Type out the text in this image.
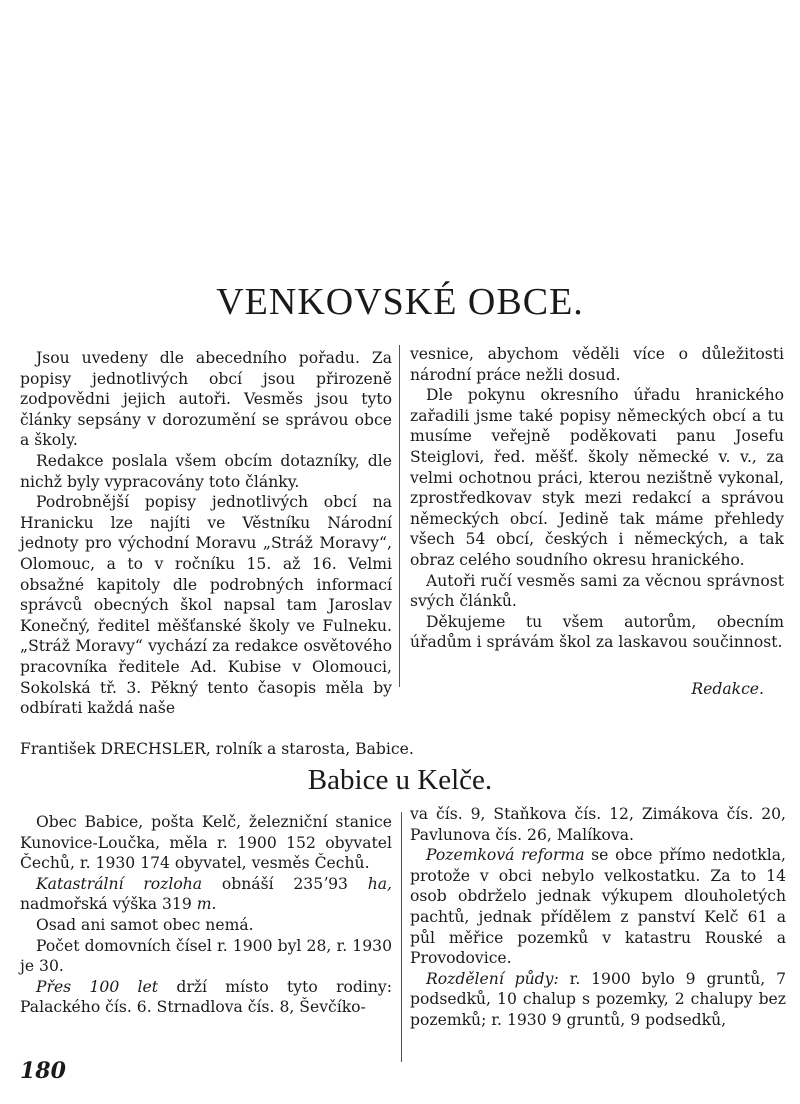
VENKOVSKÉ OBCE.

Jsou uvedeny dle abecedního pořadu. Za popisy jednotlivých obcí jsou přirozeně zodpovědni jejich autoři. Vesměs jsou tyto články sepsány v dorozumění se správou obce a školy.

Redakce poslala všem obcím dotazníky, dle nichž byly vypracovány toto články.

Podrobnější popisy jednotlivých obcí na Hranicku lze najíti ve Věstníku Národní jednoty pro východní Moravu „Stráž Moravy“, Olomouc, a to v ročníku 15. až 16. Velmi obsažné kapitoly dle podrobných informací správců obecných škol napsal tam Jaroslav Konečný, ředitel měšťanské školy ve Fulneku. „Stráž Moravy“ vychází za redakce osvětového pracovníka ředitele Ad. Kubise v Olomouci, Sokolská tř. 3. Pěkný tento časopis měla by odbírati každá naše

vesnice, abychom věděli více o důležitosti národní práce nežli dosud.

Dle pokynu okresního úřadu hranického zařadili jsme také popisy německých obcí a tu musíme veřejně poděkovati panu Josefu Steiglovi, řed. měšť. školy německé v. v., za velmi ochotnou práci, kterou nezištně vykonal, zprostředkovav styk mezi redakcí a správou německých obcí. Jedině tak máme přehledy všech 54 obcí, českých i německých, a tak obraz celého soudního okresu hranického.

Autoři ručí vesměs sami za věcnou správnost svých článků.

Děkujeme tu všem autorům, obecním úřadům i správám škol za laskavou součinnost.

Redakce.
František DRECHSLER, rolník a starosta, Babice.
Babice u Kelče.

Obec Babice, pošta Kelč, železniční stanice Kunovice-Loučka, měla r. 1900 152 obyvatel Čechů, r. 1930 174 obyvatel, vesměs Čechů.

Katastrální rozloha obnáší 235ʼ93 ha, nadmořská výška 319 m.

Osad ani samot obec nemá.

Počet domovních čísel r. 1900 byl 28, r. 1930 je 30.

Přes 100 let drží místo tyto rodiny: Palackého čís. 6. Strnadlova čís. 8, Ševčíko-

va čís. 9, Staňkova čís. 12, Zimákova čís. 20, Pavlunova čís. 26, Malíkova.

Pozemková reforma se obce přímo nedotkla, protože v obci nebylo velkostatku. Za to 14 osob obdrželo jednak výkupem dlouholetých pachtů, jednak přídělem z panství Kelč 61 a půl měřice pozemků v katastru Rouské a Provodovice.

Rozdělení půdy: r. 1900 bylo 9 gruntů, 7 podsedků, 10 chalup s pozemky, 2 chalupy bez pozemků; r. 1930 9 gruntů, 9 podsedků,

180
